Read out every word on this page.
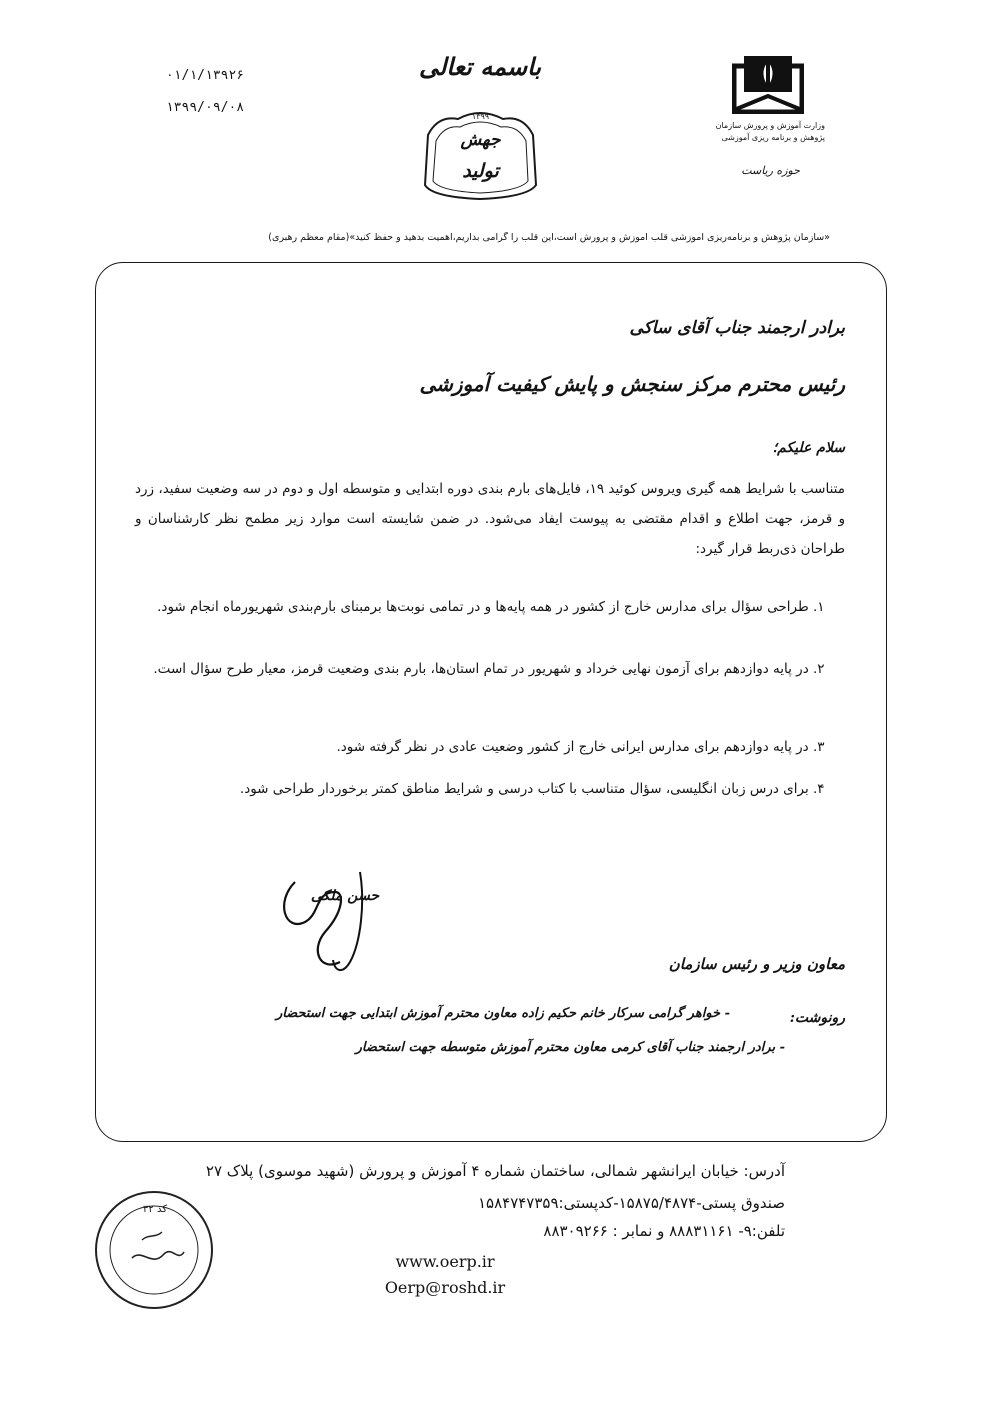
۰۱/۱/۱۳۹۲۶
۱۳۹۹/۰۹/۰۸
باسمه تعالی
۱۳۹۹
جهش
تولید
وزارت آموزش و پرورش سازمان پژوهش و برنامه ریزی آموزشی
حوزه ریاست
«سازمان پژوهش و برنامه‌ریزی آموزشی قلب آموزش و پرورش است،این قلب را گرامی بداریم،اهمیت بدهید و حفظ کنید»(مقام معظم رهبری)
برادر ارجمند جناب آقای ساکی
رئیس محترم مرکز سنجش و پایش کیفیت آموزشی
سلام علیکم؛
متناسب با شرایط همه گیری ویروس کوئید ۱۹، فایل‌های بارم بندی دوره ابتدایی و متوسطه اول و دوم در سه وضعیت سفید، زرد و قرمز، جهت اطلاع و اقدام مقتضی به پیوست ایفاد می‌شود. در ضمن شایسته است موارد زیر مطمح نظر کارشناسان و طراحان ذی‌ربط قرار گیرد:
۱. طراحی سؤال برای مدارس خارج از کشور در همه پایه‌ها و در تمامی نوبت‌ها برمبنای بارم‌بندی شهریورماه انجام شود.
۲. در پایه دوازدهم برای آزمون نهایی خرداد و شهریور در تمام استان‌ها، بارم بندی وضعیت قرمز، معیار طرح سؤال است.
۳. در پایه دوازدهم برای مدارس ایرانی خارج از کشور وضعیت عادی در نظر گرفته شود.
۴. برای درس زبان انگلیسی، سؤال متناسب با کتاب درسی و شرایط مناطق کمتر برخوردار طراحی شود.
حسن ملکی
معاون وزیر و رئیس سازمان
رونوشت:
- خواهر گرامی سرکار خانم حکیم زاده معاون محترم آموزش ابتدایی جهت استحضار
- برادر ارجمند جناب آقای کرمی معاون محترم آموزش متوسطه جهت استحضار
آدرس: خیابان ایرانشهر شمالی، ساختمان شماره ۴ آموزش و پرورش (شهید موسوی) پلاک ۲۷
صندوق پستی-۱۵۸۷۵/۴۸۷۴-کدپستی:۱۵۸۴۷۴۷۳۵۹
تلفن:۹- ۸۸۸۳۱۱۶۱ و نمابر : ۸۸۳۰۹۲۶۶
www.oerp.ir
Oerp@roshd.ir
کد ۳۲
